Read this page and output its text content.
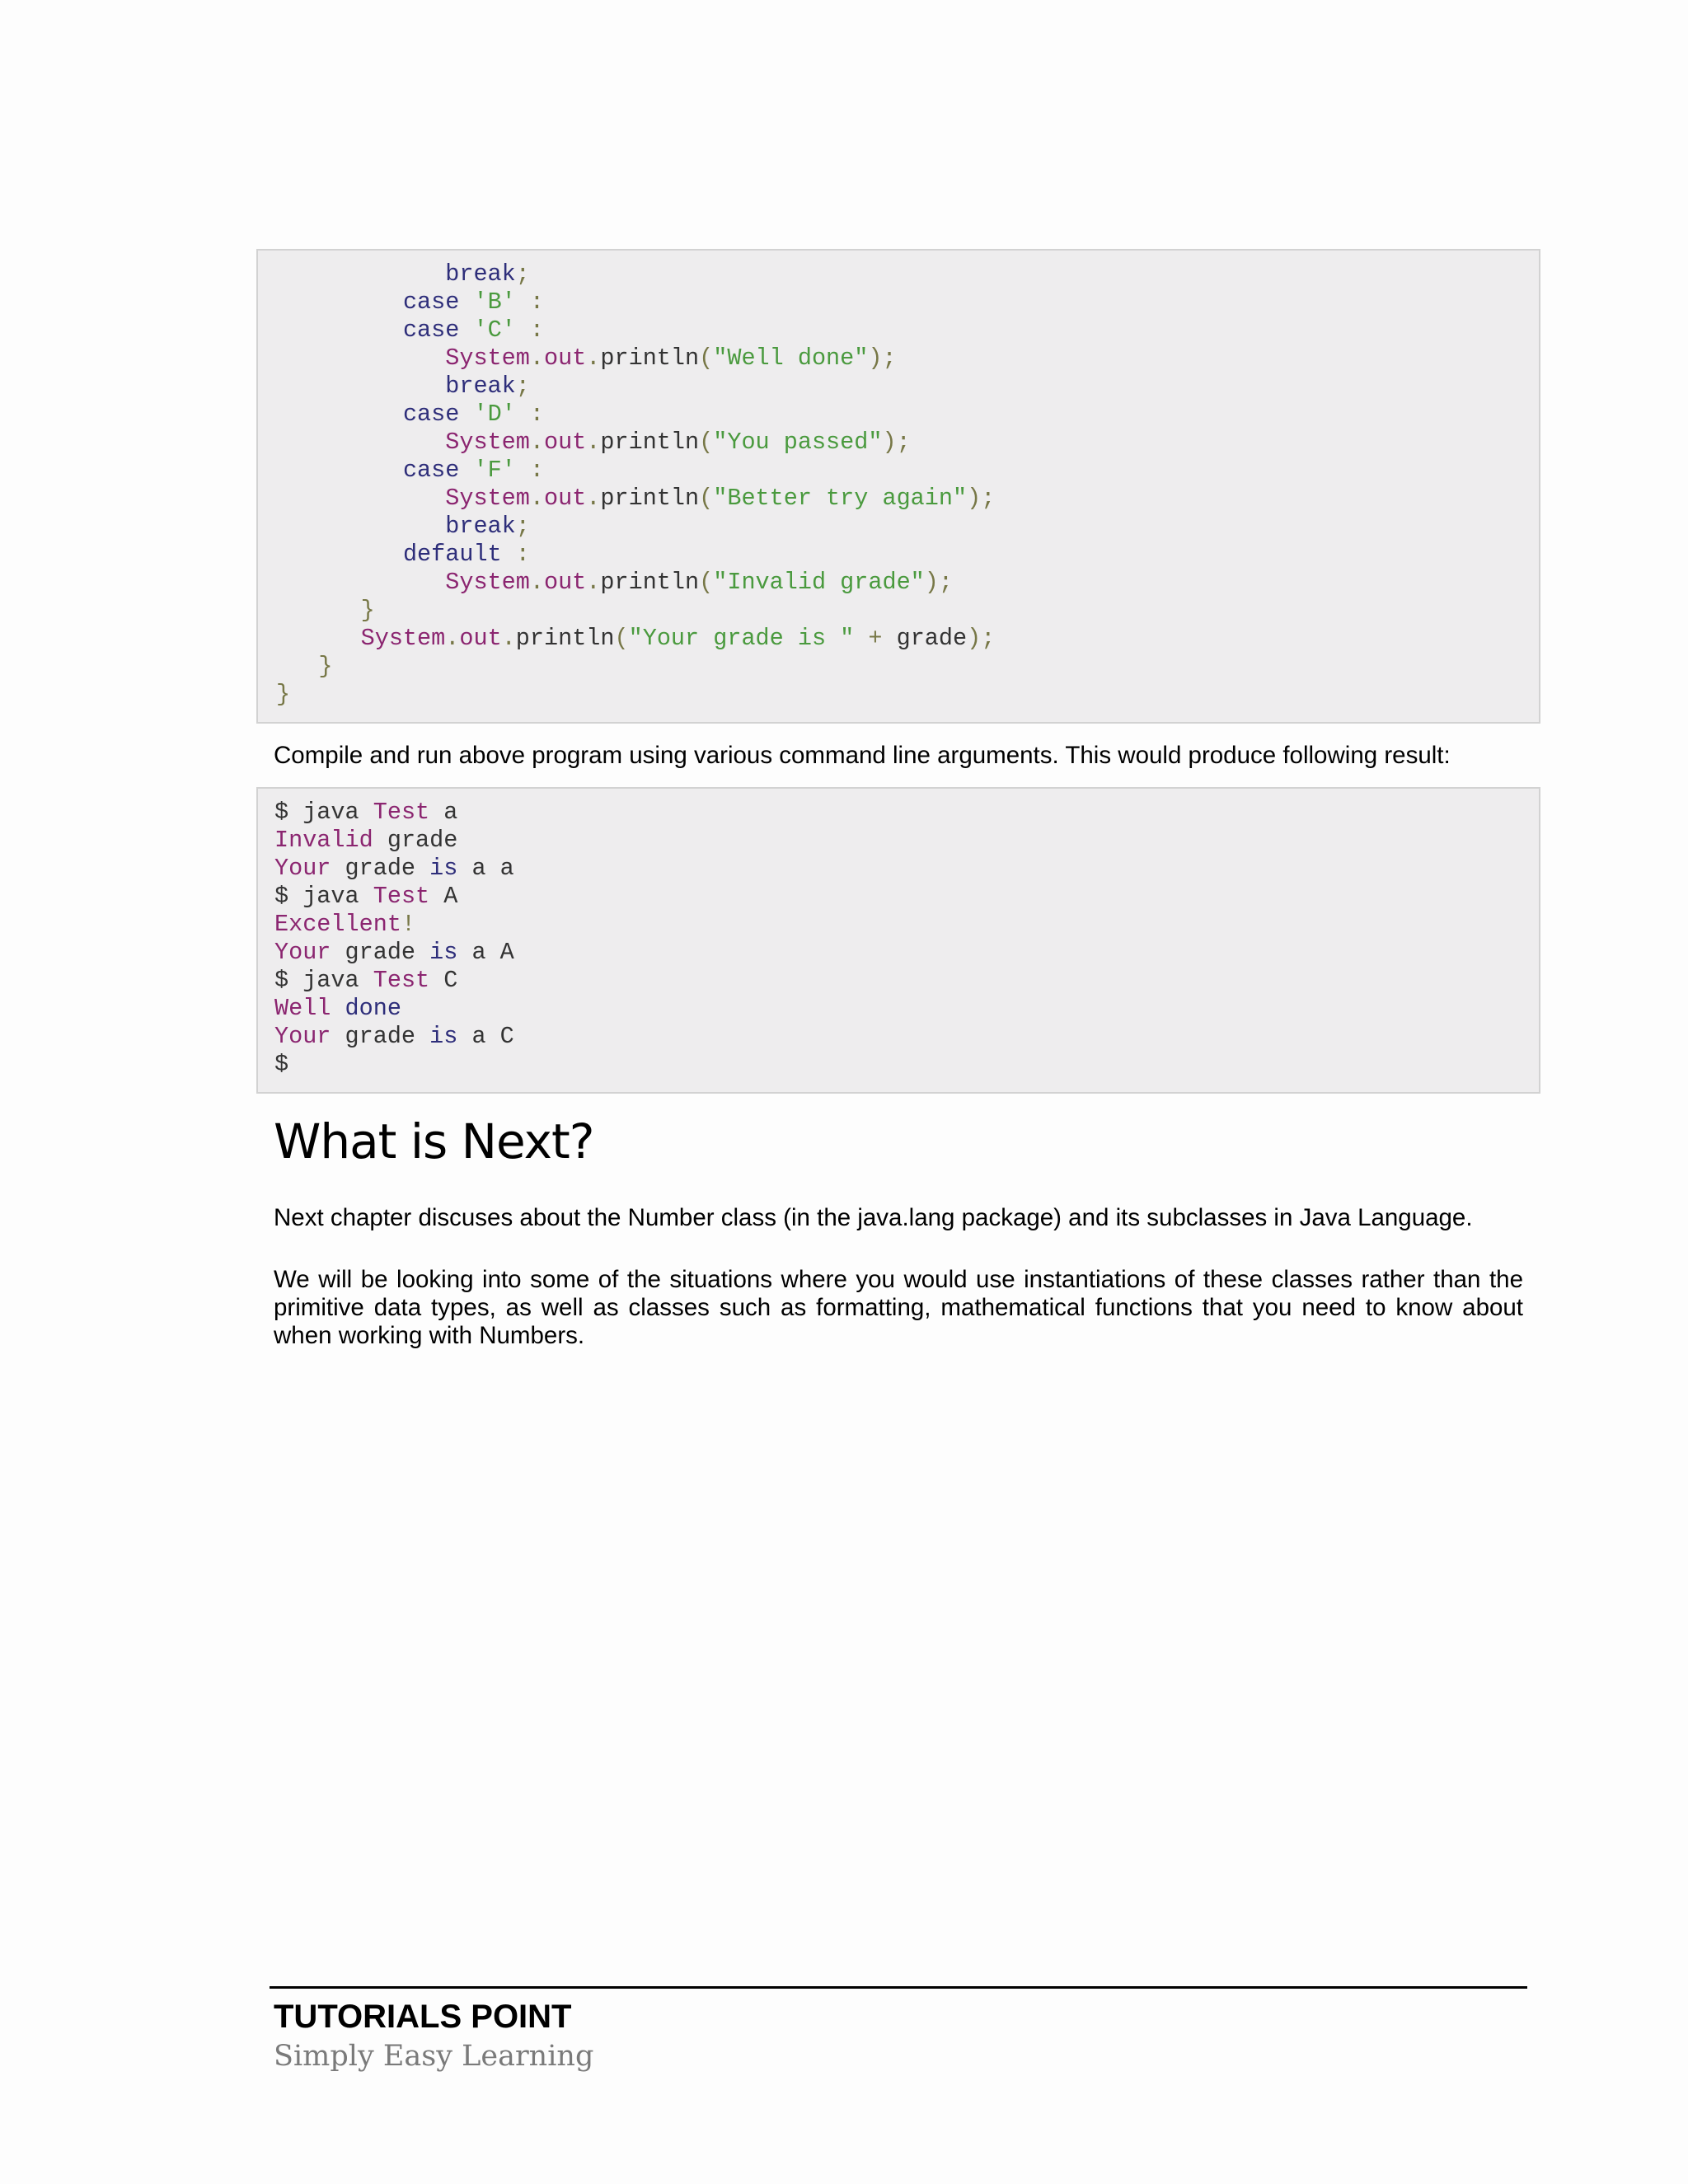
break;
case 'B' :
case 'C' :
System.out.println("Well done");
break;
case 'D' :
System.out.println("You passed");
case 'F' :
System.out.println("Better try again");
break;
default :
System.out.println("Invalid grade");
}
System.out.println("Your grade is " + grade);
}
}
Compile and run above program using various command line arguments. This would produce following result:
$ java Test a
Invalid grade
Your grade is a a
$ java Test A
Excellent!
Your grade is a A
$ java Test C
Well done
Your grade is a C
$
What is Next?
Next chapter discuses about the Number class (in the java.lang package) and its subclasses in Java Language.
We will be looking into some of the situations where you would use instantiations of these classes rather than the primitive data types, as well as classes such as formatting, mathematical functions that you need to know about when working with Numbers.
TUTORIALS POINT
Simply Easy Learning
